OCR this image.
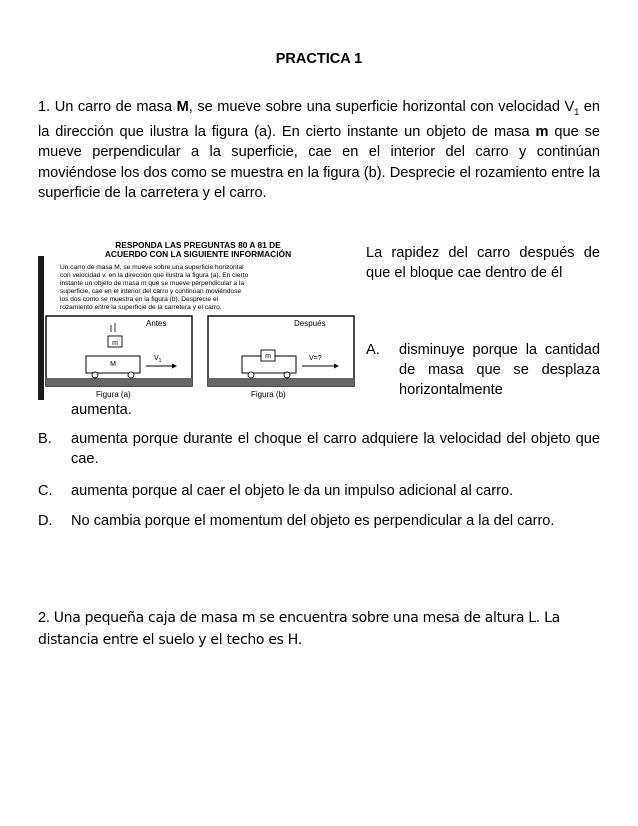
PRACTICA 1
1. Un carro de masa M, se mueve sobre una superficie horizontal con velocidad $V_1$ en la dirección que ilustra la figura (a). En cierto instante un objeto de masa m que se mueve perpendicular a la superficie, cae en el interior del carro y continúan moviéndose los dos como se muestra en la figura (b). Desprecie el rozamiento entre la superficie de la carretera y el carro.
RESPONDA LAS PREGUNTAS 80 A 81 DE
ACUERDO CON LA SIGUIENTE INFORMACIÓN
Un carro de masa M, se mueve sobre una superficie horizontal
con velocidad v, en la dirección que ilustra la figura (a). En cierto
instante un objeto de masa m que se mueve perpendicular a la
superficie, cae en el interior del carro y continúan moviéndose
los dos como se muestra en la figura (b). Desprecie el
rozamiento entre la superficie de la carretera y el carro.
Antes
m
M
$V_1$
Figura (a)
Después
m	V=?
Figura (b)
La rapidez del carro después de que el bloque cae dentro de él
A. disminuye porque la cantidad de masa que se desplaza horizontalmente
aumenta.
B. aumenta porque durante el choque el carro adquiere la velocidad del objeto que cae.
C. aumenta porque al caer el objeto le da un impulso adicional al carro.
D. No cambia porque el momentum del objeto es perpendicular a la del carro.
2. Una pequeña caja de masa m se encuentra sobre una mesa de altura L. La distancia entre el suelo y el techo es H.
